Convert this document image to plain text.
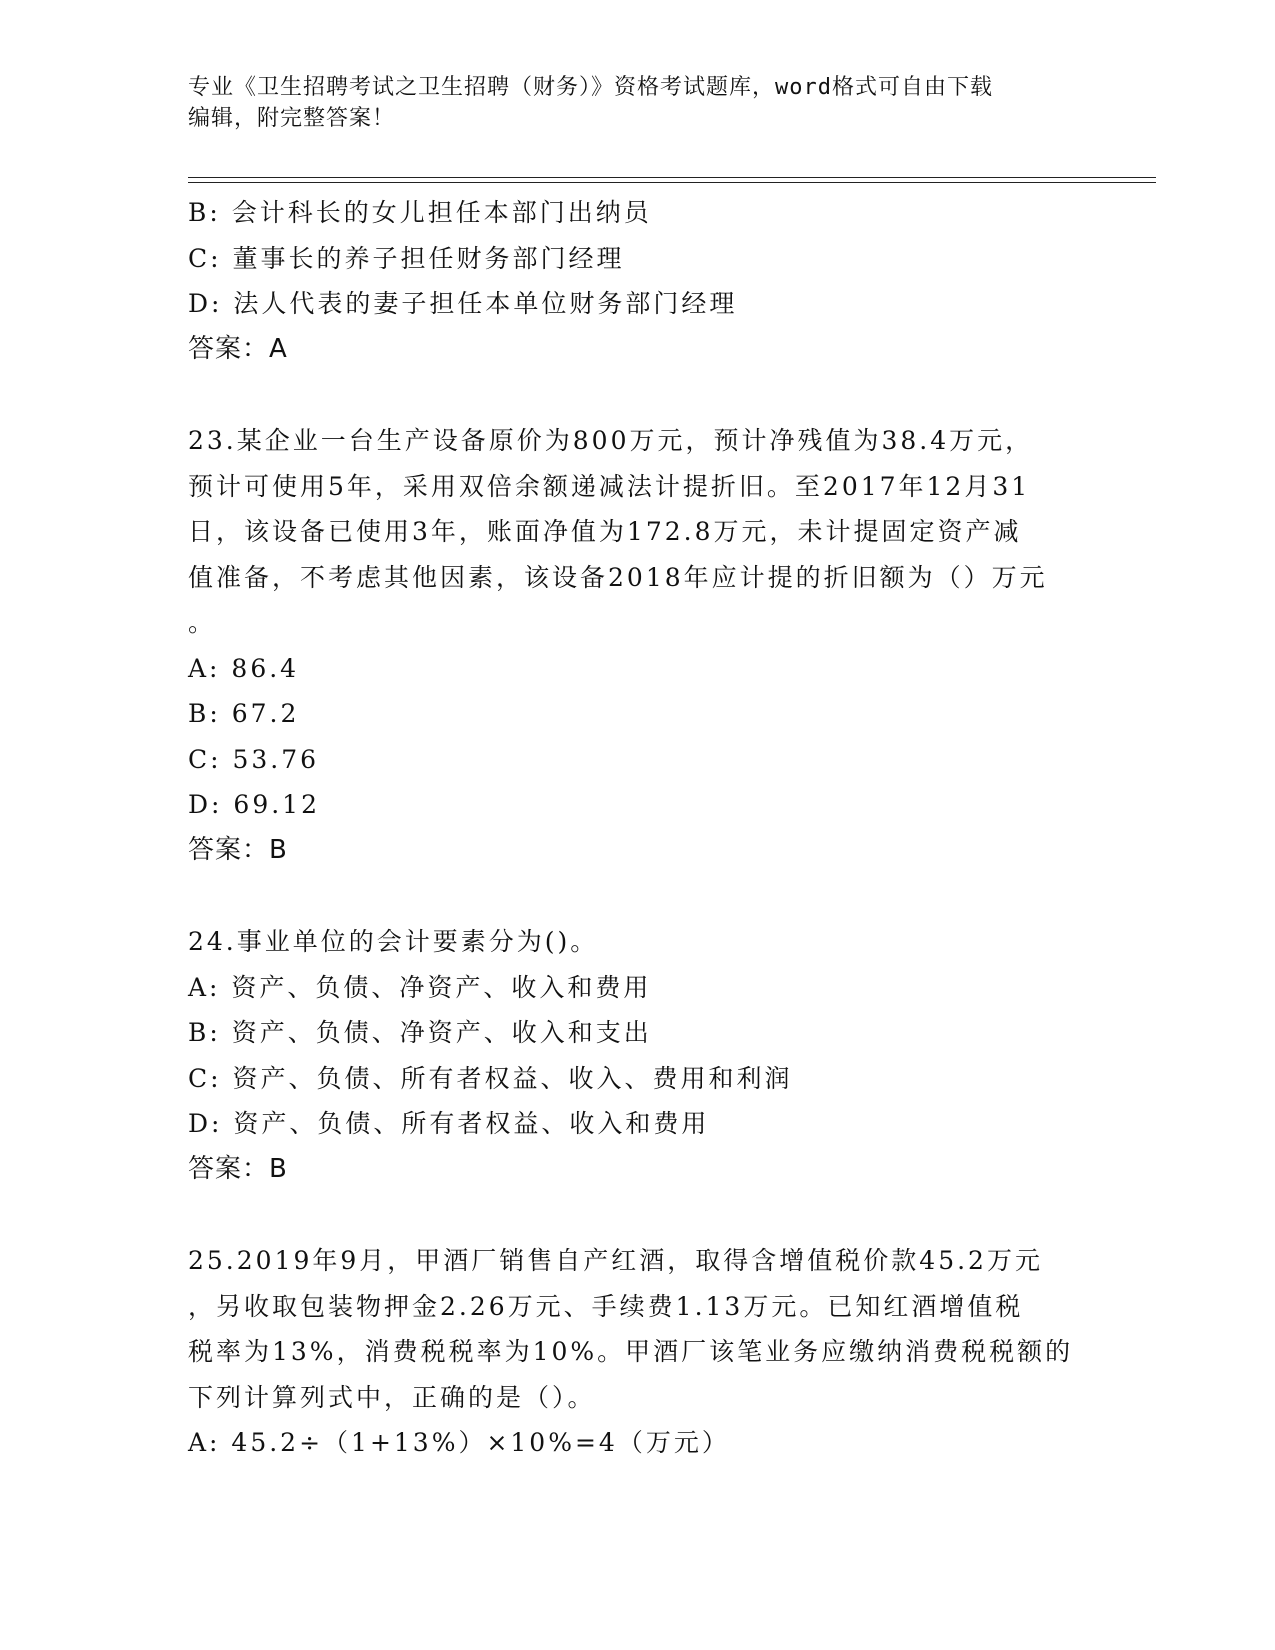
专业《卫生招聘考试之卫生招聘（财务）》资格考试题库，word格式可自由下载
编辑，附完整答案！
B: 会计科长的女儿担任本部门出纳员
C: 董事长的养子担任财务部门经理
D: 法人代表的妻子担任本单位财务部门经理
答案：A
23.某企业一台生产设备原价为800万元，预计净残值为38.4万元，
预计可使用5年，采用双倍余额递减法计提折旧。至2017年12月31
日，该设备已使用3年，账面净值为172.8万元，未计提固定资产减
值准备，不考虑其他因素，该设备2018年应计提的折旧额为（）万元
。
A: 86.4
B: 67.2
C: 53.76
D: 69.12
答案：B
24.事业单位的会计要素分为()。
A: 资产、负债、净资产、收入和费用
B: 资产、负债、净资产、收入和支出
C: 资产、负债、所有者权益、收入、费用和利润
D: 资产、负债、所有者权益、收入和费用
答案：B
25.2019年9月，甲酒厂销售自产红酒，取得含增值税价款45.2万元
，另收取包装物押金2.26万元、手续费1.13万元。已知红酒增值税
税率为13%，消费税税率为10%。甲酒厂该笔业务应缴纳消费税税额的
下列计算列式中，正确的是（）。
A: 45.2÷（1+13%）×10%=4（万元）
